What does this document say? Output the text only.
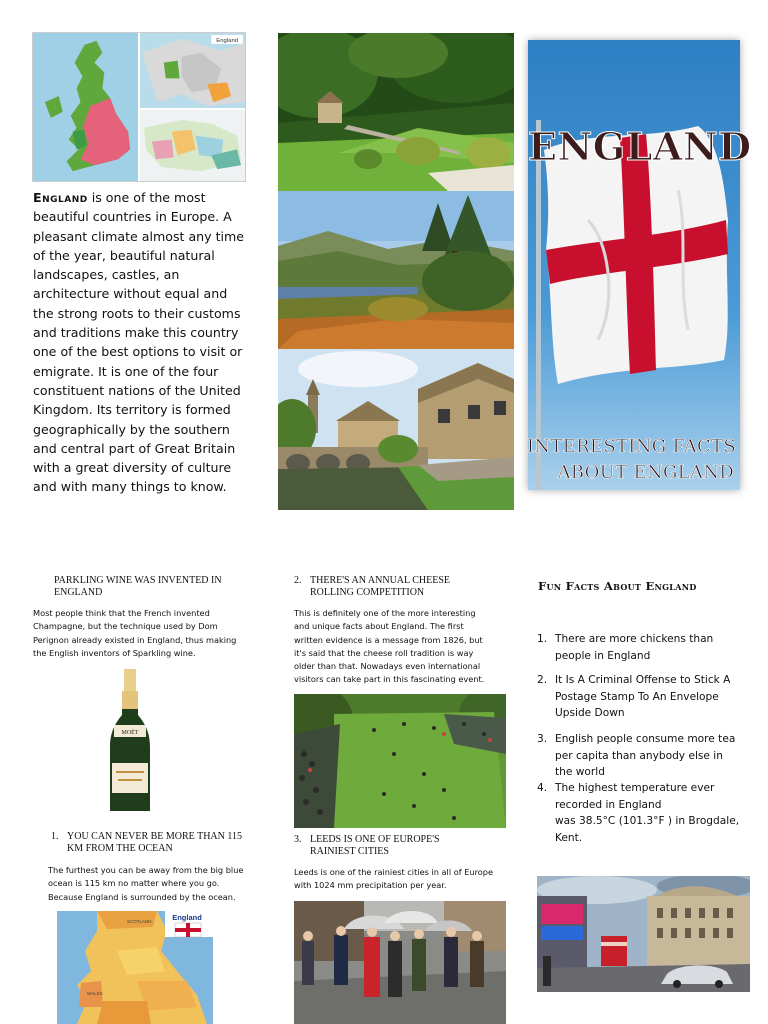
England
England is one of the most beautiful countries in Europe. A pleasant climate almost any time of the year, beautiful natural landscapes, castles, an architecture without equal and the strong roots to their customs and traditions make this country one of the best options to visit or emigrate. It is one of the four constituent nations of the United Kingdom. Its territory is formed geographically by the southern and central part of Great Britain with a great diversity of culture and with many things to know.
ENGLAND
INTERESTING FACTS
ABOUT ENGLAND
PARKLING WINE WAS INVENTED IN
ENGLAND
Most people think that the French invented Champagne, but the technique used by Dom Perignon already existed in England, thus making the English inventors of Sparkling wine.
MOËT
1. YOU CAN NEVER BE MORE THAN 115
KM FROM THE OCEAN
The furthest you can be away from the big blue ocean is 115 km no matter where you go. Because England is surrounded by the ocean.
England
SCOTLAND
WALES
2. THERE'S AN ANNUAL CHEESE
ROLLING COMPETITION
This is definitely one of the more interesting and unique facts about England. The first written evidence is a message from 1826, but it's said that the cheese roll tradition is way older than that. Nowadays even international visitors can take part in this fascinating event.
3. LEEDS IS ONE OF EUROPE'S
RAINIEST CITIES
Leeds is one of the rainiest cities in all of Europe with 1024 mm precipitation per year.
Fun Facts About England
1. There are more chickens than
people in England
2. It Is A Criminal Offense to Stick A
Postage Stamp To An Envelope
Upside Down
3. English people consume more tea
per capita than anybody else in
the world
4. The highest temperature ever
recorded in England
was 38.5°C (101.3°F ) in Brogdale,
Kent.
